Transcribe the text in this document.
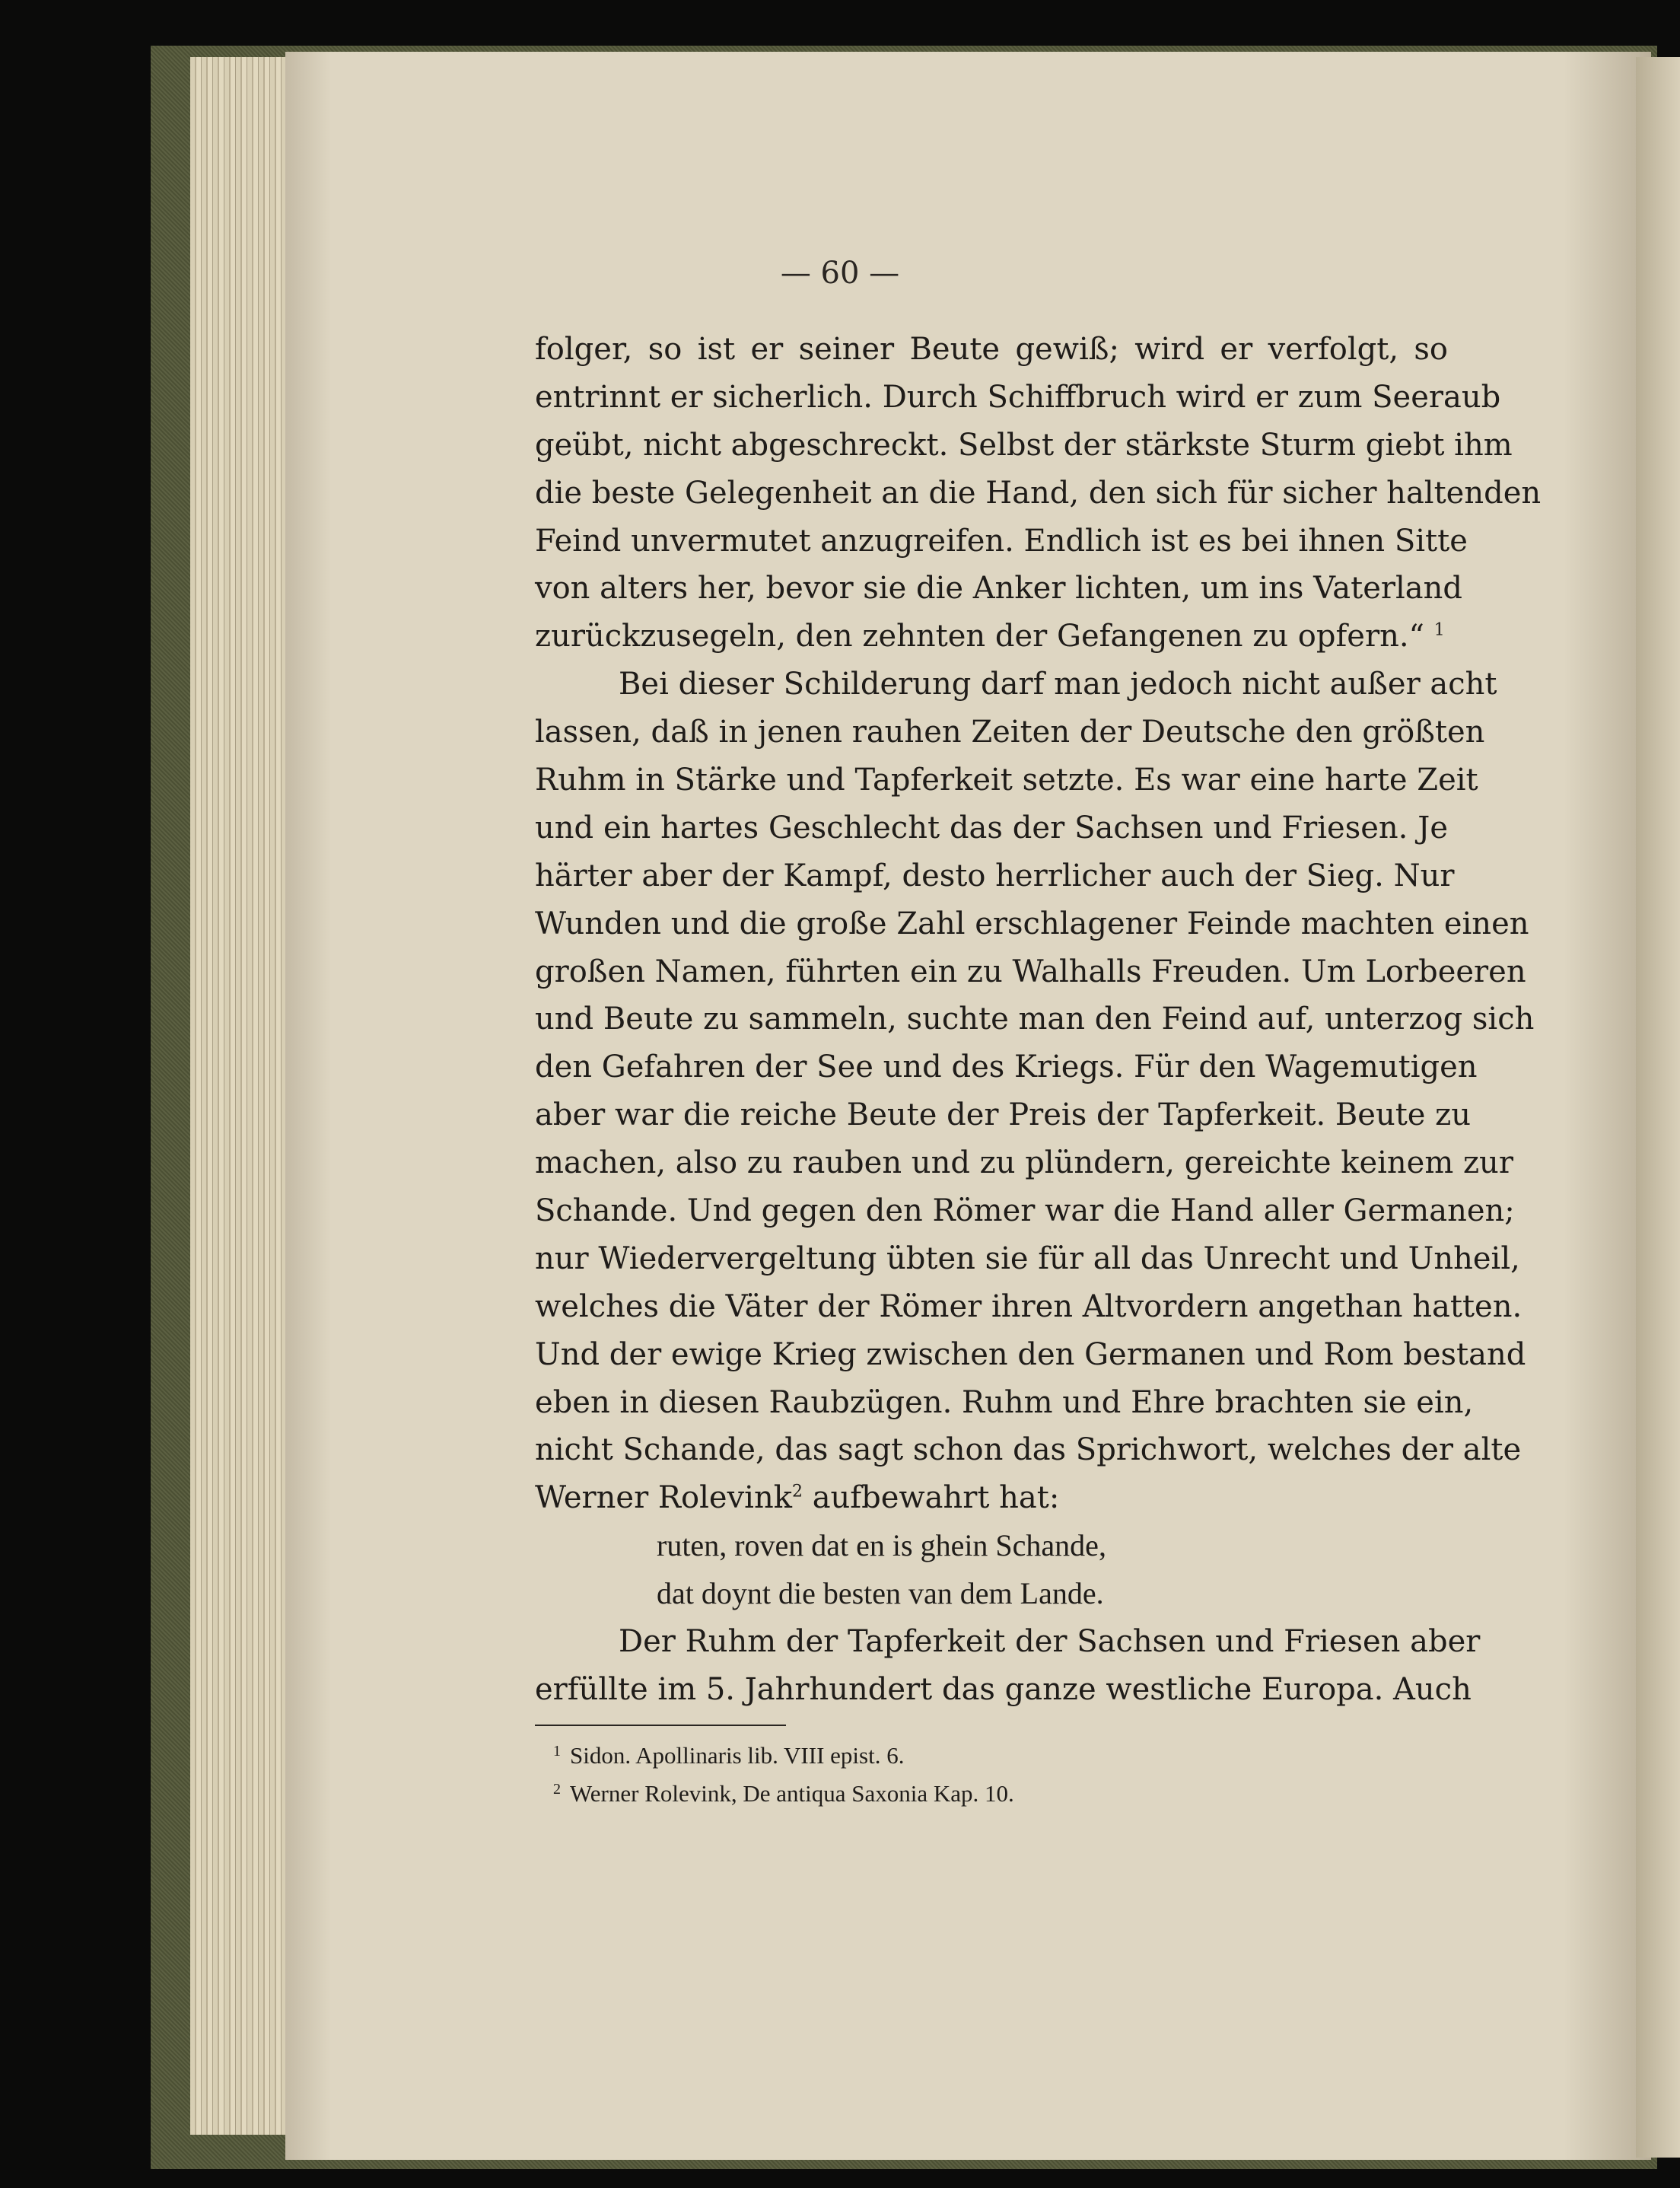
— 60 —
folger, so ist er seiner Beute gewiß; wird er verfolgt, so
entrinnt er sicherlich. Durch Schiffbruch wird er zum Seeraub
geübt, nicht abgeschreckt. Selbst der stärkste Sturm giebt ihm
die beste Gelegenheit an die Hand, den sich für sicher haltenden
Feind unvermutet anzugreifen. Endlich ist es bei ihnen Sitte
von alters her, bevor sie die Anker lichten, um ins Vaterland
zurückzusegeln, den zehnten der Gefangenen zu opfern.“ $^1$
Bei dieser Schilderung darf man jedoch nicht außer acht
lassen, daß in jenen rauhen Zeiten der Deutsche den größten
Ruhm in Stärke und Tapferkeit setzte. Es war eine harte Zeit
und ein hartes Geschlecht das der Sachsen und Friesen. Je
härter aber der Kampf, desto herrlicher auch der Sieg. Nur
Wunden und die große Zahl erschlagener Feinde machten einen
großen Namen, führten ein zu Walhalls Freuden. Um Lorbeeren
und Beute zu sammeln, suchte man den Feind auf, unterzog sich
den Gefahren der See und des Kriegs. Für den Wagemutigen
aber war die reiche Beute der Preis der Tapferkeit. Beute zu
machen, also zu rauben und zu plündern, gereichte keinem zur
Schande. Und gegen den Römer war die Hand aller Germanen;
nur Wiedervergeltung übten sie für all das Unrecht und Unheil,
welches die Väter der Römer ihren Altvordern angethan hatten.
Und der ewige Krieg zwischen den Germanen und Rom bestand
eben in diesen Raubzügen. Ruhm und Ehre brachten sie ein,
nicht Schande, das sagt schon das Sprichwort, welches der alte
Werner Rolevink$^2$ aufbewahrt hat:
ruten, roven dat en is ghein Schande,
dat doynt die besten van dem Lande.
Der Ruhm der Tapferkeit der Sachsen und Friesen aber
erfüllte im 5. Jahrhundert das ganze westliche Europa. Auch
1 Sidon. Apollinaris lib. VIII epist. 6.
2 Werner Rolevink, De antiqua Saxonia Kap. 10.
